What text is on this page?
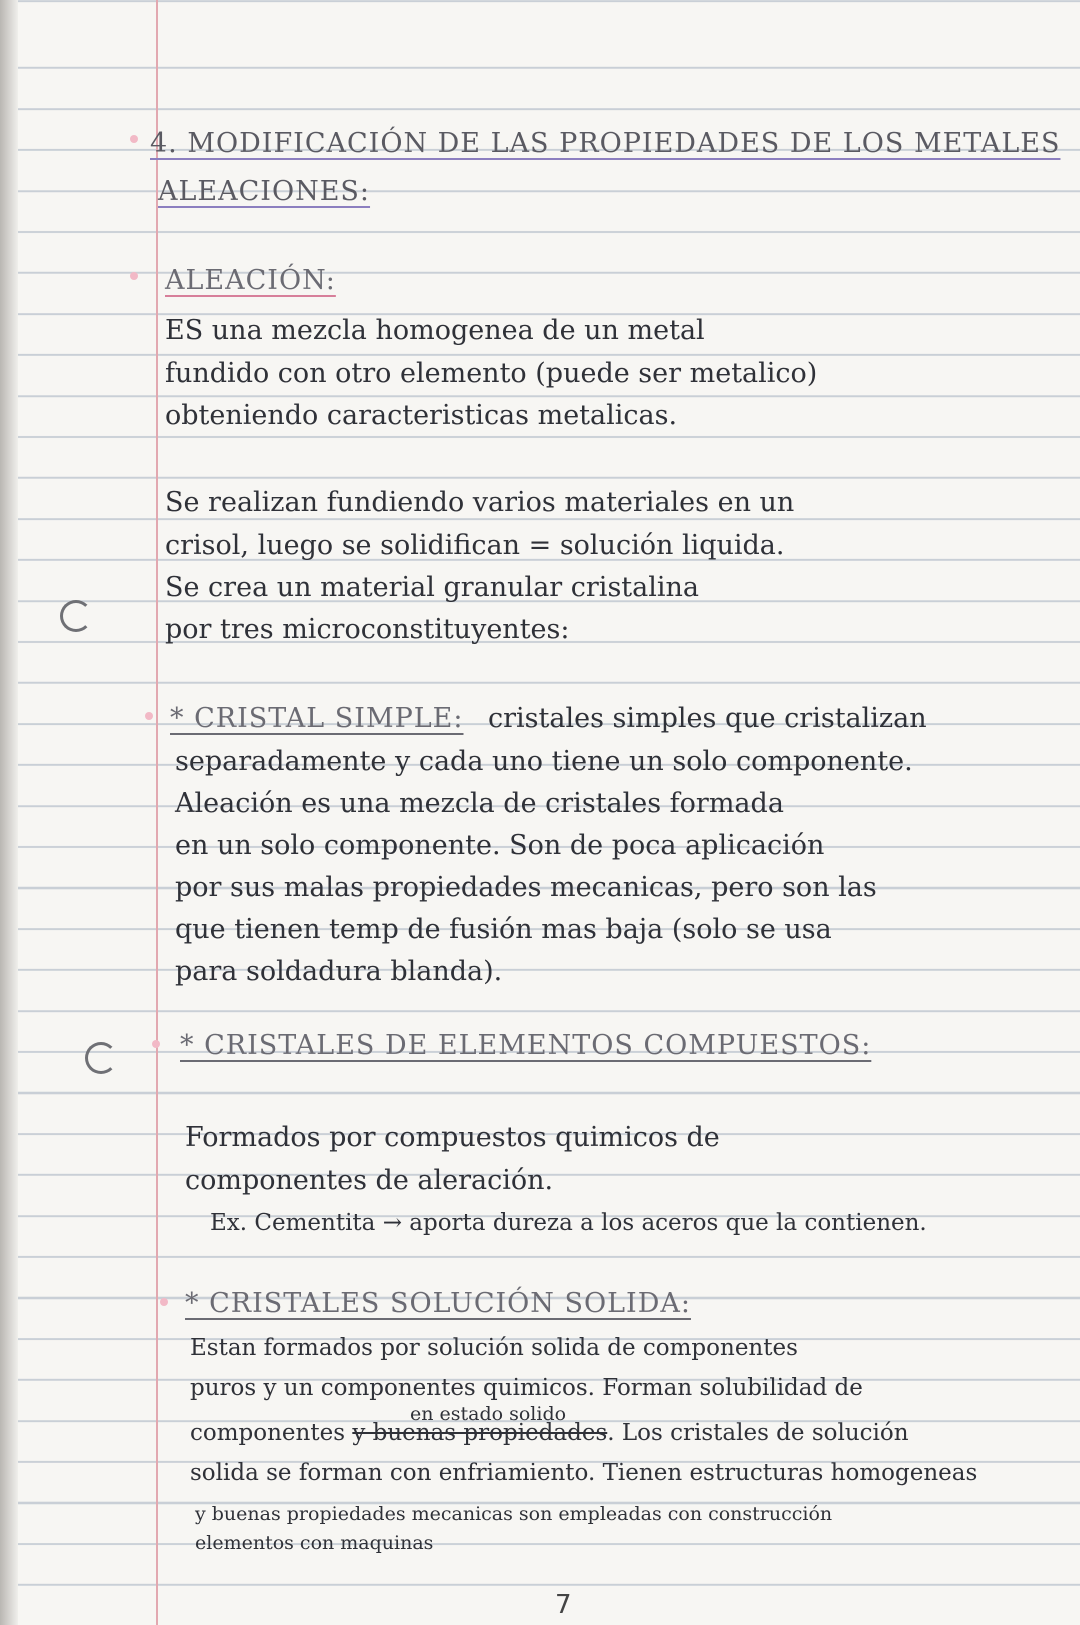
4. MODIFICACIÓN DE LAS PROPIEDADES DE LOS METALES
ALEACIONES:
ALEACIÓN:
ES una mezcla homogenea de un metal
fundido con otro elemento (puede ser metalico)
obteniendo caracteristicas metalicas.
Se realizan fundiendo varios materiales en un
crisol, luego se solidifican = solución liquida.
Se crea un material granular cristalina
por tres microconstituyentes:
* CRISTAL SIMPLE: cristales simples que cristalizan
separadamente y cada uno tiene un solo componente.
Aleación es una mezcla de cristales formada
en un solo componente. Son de poca aplicación
por sus malas propiedades mecanicas, pero son las
que tienen temp de fusión mas baja (solo se usa
para soldadura blanda).
* CRISTALES DE ELEMENTOS COMPUESTOS:
Formados por compuestos quimicos de
componentes de aleración.
Ex. Cementita → aporta dureza a los aceros que la contienen.
* CRISTALES SOLUCIÓN SOLIDA:
Estan formados por solución solida de componentes
puros y un componentes quimicos. Forman solubilidad de
en estado solido
componentes y buenas propiedades. Los cristales de solución
solida se forman con enfriamiento. Tienen estructuras homogeneas
y buenas propiedades mecanicas son empleadas con construcción
elementos con maquinas
7
